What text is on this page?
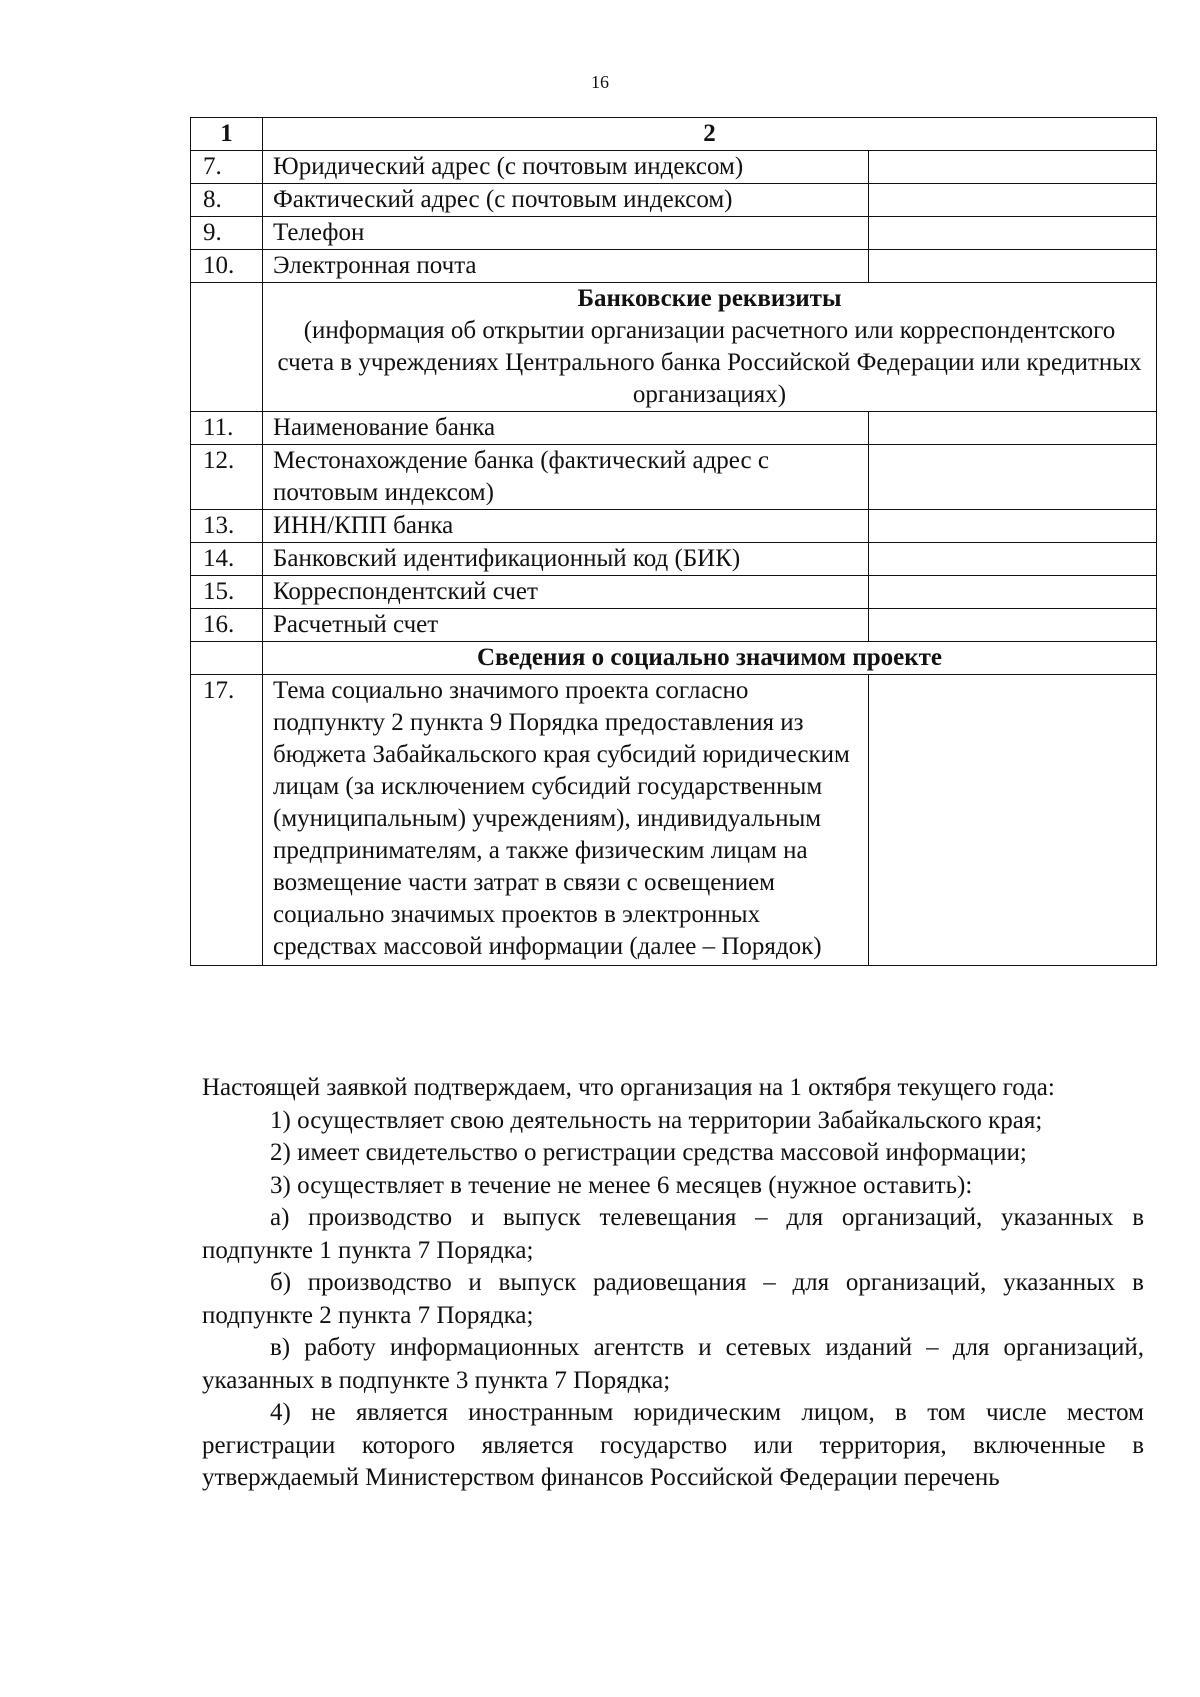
16
1	2	
7.	Юридический адрес (с почтовым индексом)	
8.	Фактический адрес (с почтовым индексом)	
9.	Телефон	
10.	Электронная почта	

	Банковские реквизиты
(информация об открытии организации расчетного или корреспондентского счета в учреждениях Центрального банка Российской Федерации или кредитных организациях)	
11.	Наименование банка	
12.	Местонахождение банка (фактический адрес с почтовым индексом)	
13.	ИНН/КПП банка	
14.	Банковский идентификационный код (БИК)	
15.	Корреспондентский счет	
16.	Расчетный счет	

	Сведения о социально значимом проекте	

17.	Тема социально значимого проекта согласно подпункту 2 пункта 9 Порядка предоставления из бюджета Забайкальского края субсидий юридическим лицам (за исключением субсидий государственным (муниципальным) учреждениям), индивидуальным предпринимателям, а также физическим лицам на возмещение части затрат в связи с освещением социально значимых проектов в электронных средствах массовой информации (далее – Порядок)	

Настоящей заявкой подтверждаем, что организация на 1 октября текущего года:

1) осуществляет свою деятельность на территории Забайкальского края;

2) имеет свидетельство о регистрации средства массовой информации;

3) осуществляет в течение не менее 6 месяцев (нужное оставить):

а) производство и выпуск телевещания – для организаций, указанных в подпункте 1 пункта 7 Порядка;

б) производство и выпуск радиовещания – для организаций, указанных в подпункте 2 пункта 7 Порядка;

в) работу информационных агентств и сетевых изданий – для организаций, указанных в подпункте 3 пункта 7 Порядка;

4) не является иностранным юридическим лицом, в том числе местом регистрации которого является государство или территория, включенные в утверждаемый Министерством финансов Российской Федерации перечень
